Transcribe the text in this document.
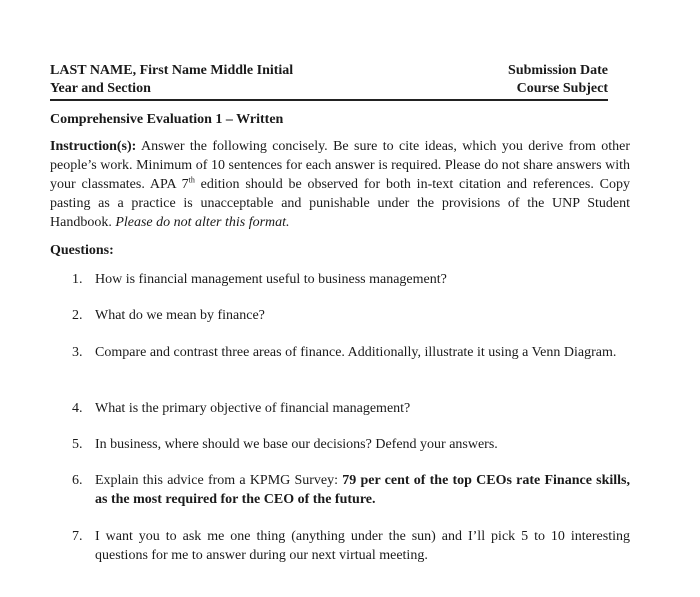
LAST NAME, First Name Middle Initial
Year and Section
Submission Date
Course Subject
Comprehensive Evaluation 1 – Written
Instruction(s): Answer the following concisely. Be sure to cite ideas, which you derive from other people’s work. Minimum of 10 sentences for each answer is required. Please do not share answers with your classmates. APA 7th edition should be observed for both in-text citation and references. Copy pasting as a practice is unacceptable and punishable under the provisions of the UNP Student Handbook. Please do not alter this format.
Questions:
1. How is financial management useful to business management?
2. What do we mean by finance?
3. Compare and contrast three areas of finance. Additionally, illustrate it using a Venn Diagram.
4. What is the primary objective of financial management?
5. In business, where should we base our decisions? Defend your answers.
6. Explain this advice from a KPMG Survey: 79 per cent of the top CEOs rate Finance skills, as the most required for the CEO of the future.
7. I want you to ask me one thing (anything under the sun) and I’ll pick 5 to 10 interesting questions for me to answer during our next virtual meeting.
